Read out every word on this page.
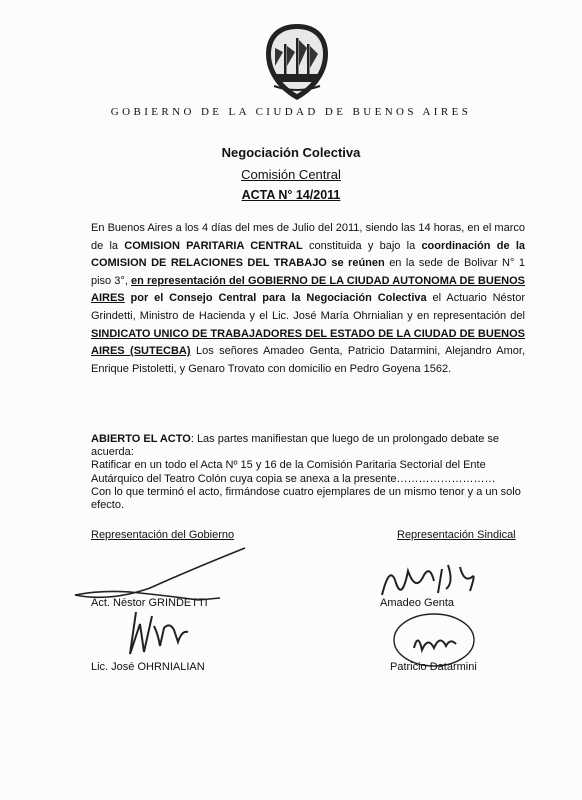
GOBIERNO DE LA CIUDAD DE BUENOS AIRES
Negociación Colectiva
Comisión Central
ACTA N° 14/2011

En Buenos Aires a los 4 días del mes de Julio del 2011, siendo las 14 horas, en el marco de la COMISION PARITARIA CENTRAL constituida y bajo la coordinación de la COMISION DE RELACIONES DEL TRABAJO se reúnen en la sede de Bolivar N° 1 piso 3°, en representación del GOBIERNO DE LA CIUDAD AUTONOMA DE BUENOS AIRES por el Consejo Central para la Negociación Colectiva el Actuario Néstor Grindetti, Ministro de Hacienda y el Lic. José María Ohrnialian y en representación del SINDICATO UNICO DE TRABAJADORES DEL ESTADO DE LA CIUDAD DE BUENOS AIRES (SUTECBA) Los señores Amadeo Genta, Patricio Datarmini, Alejandro Amor, Enrique Pistoletti, y Genaro Trovato con domicilio en Pedro Goyena 1562.

ABIERTO EL ACTO: Las partes manifiestan que luego de un prolongado debate se acuerda:

Ratificar en un todo el Acta Nº 15 y 16 de la Comisión Paritaria Sectorial del Ente Autárquico del Teatro Colón cuya copia se anexa a la presente………………………

Con lo que terminó el acto, firmándose cuatro ejemplares de un mismo tenor y a un solo efecto.

Representación del Gobierno	Representación Sindical
Act. Néstor GRINDETTI
Lic. José OHRNIALIAN
Amadeo Genta
Patricio Datarmini
